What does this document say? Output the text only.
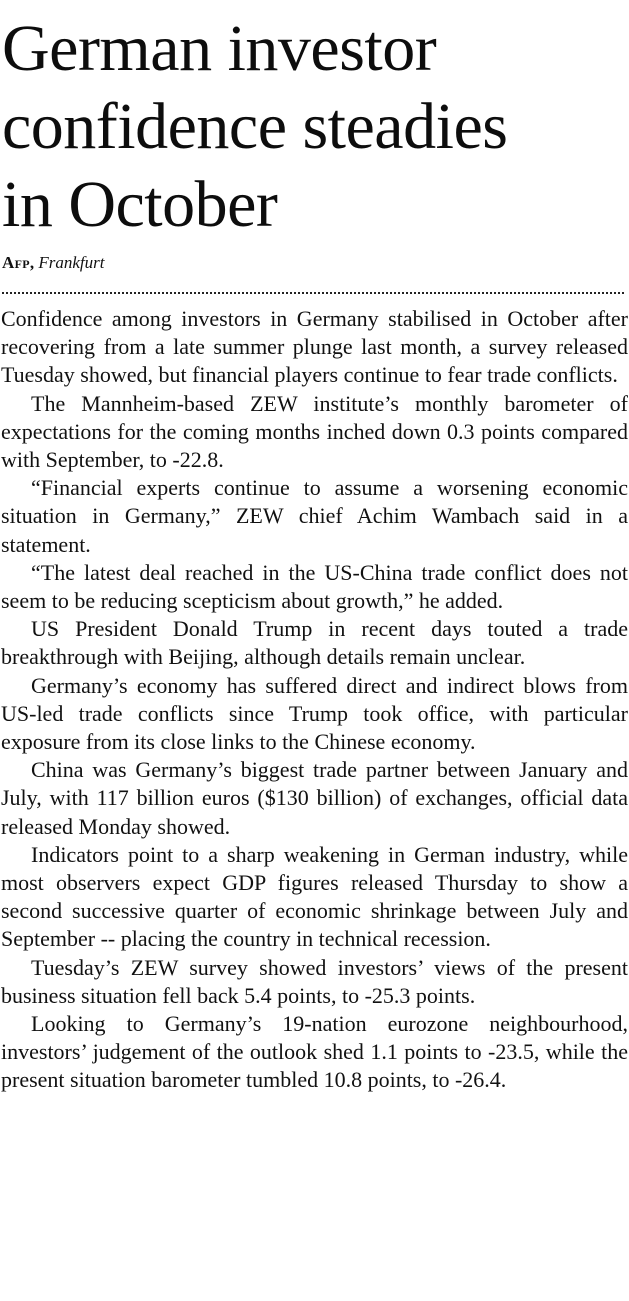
German investor
confidence steadies
in October
Afp, Frankfurt

Confidence among investors in Germany stabilised in October after recovering from a late summer plunge last month, a survey released Tuesday showed, but financial players continue to fear trade conflicts.

The Mannheim-based ZEW institute’s monthly barometer of expectations for the coming months inched down 0.3 points compared with September, to -22.8.

“Financial experts continue to assume a worsening economic situation in Germany,” ZEW chief Achim Wambach said in a statement.

“The latest deal reached in the US-China trade conflict does not seem to be reducing scepticism about growth,” he added.

US President Donald Trump in recent days touted a trade breakthrough with Beijing, although details remain unclear.

Germany’s economy has suffered direct and indirect blows from US-led trade conflicts since Trump took office, with particular exposure from its close links to the Chinese economy.

China was Germany’s biggest trade partner between January and July, with 117 billion euros ($130 billion) of exchanges, official data released Monday showed.

Indicators point to a sharp weakening in German industry, while most observers expect GDP figures released Thursday to show a second successive quarter of economic shrinkage between July and September -- placing the country in technical recession.

Tuesday’s ZEW survey showed investors’ views of the present business situation fell back 5.4 points, to -25.3 points.

Looking to Germany’s 19-nation eurozone neighbourhood, investors’ judgement of the outlook shed 1.1 points to -23.5, while the present situation barometer tumbled 10.8 points, to -26.4.
